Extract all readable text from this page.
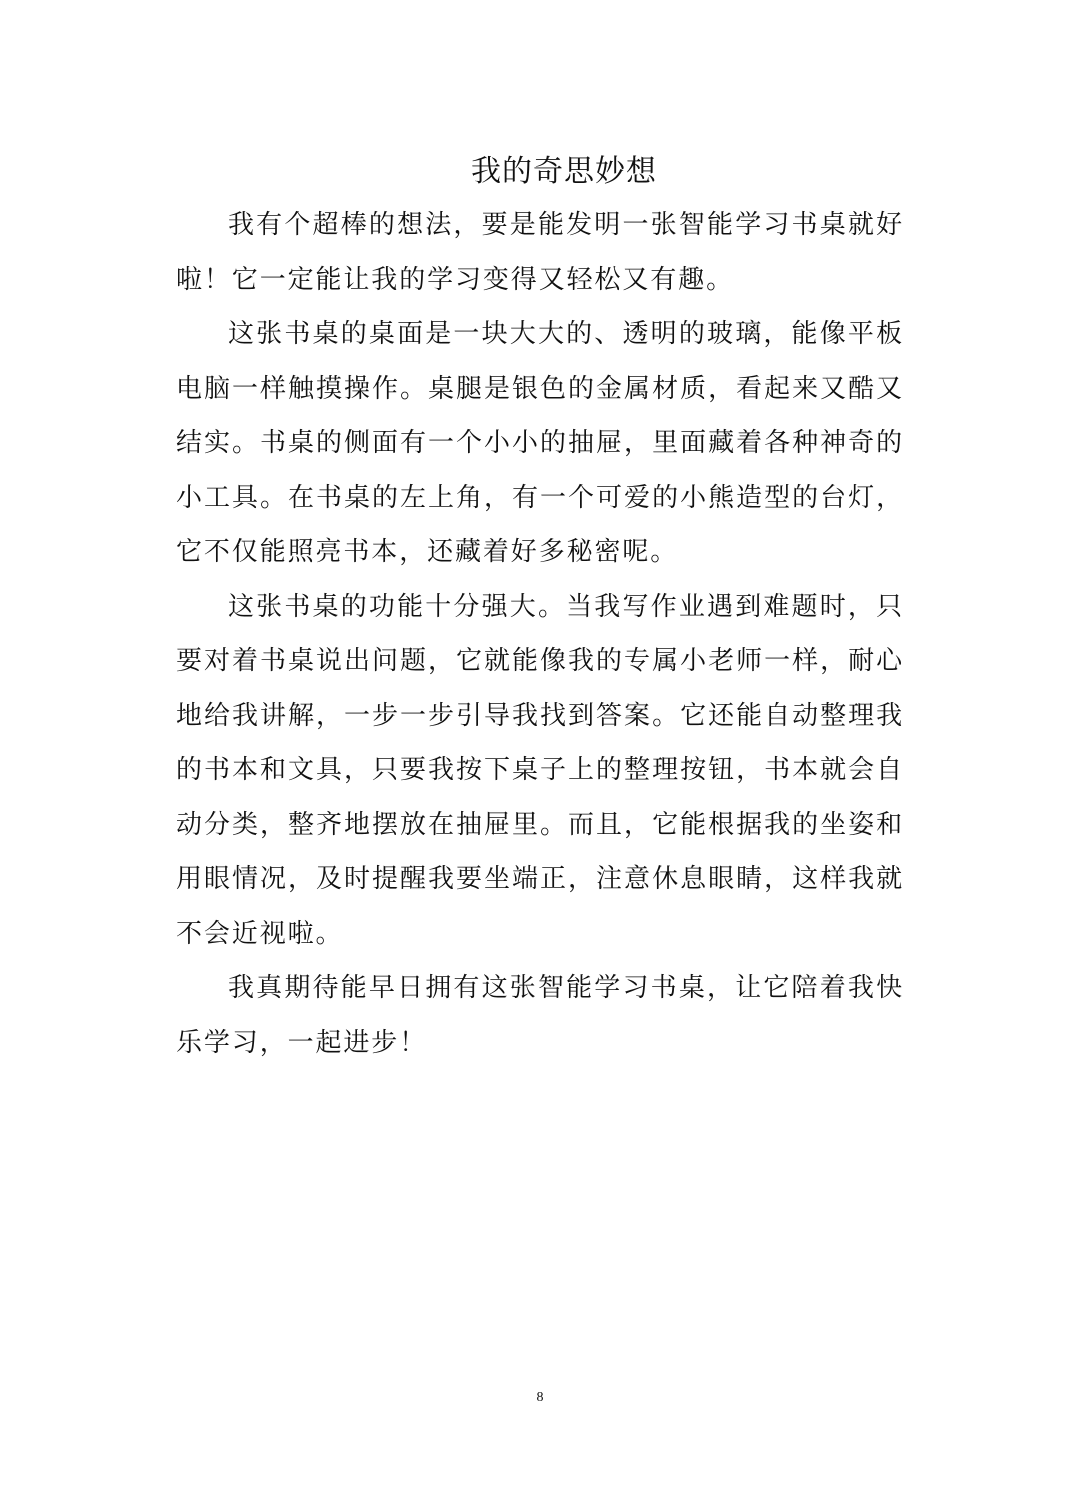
我的奇思妙想

我有个超棒的想法，要是能发明一张智能学习书桌就好啦！它一定能让我的学习变得又轻松又有趣。

这张书桌的桌面是一块大大的、透明的玻璃，能像平板电脑一样触摸操作。桌腿是银色的金属材质，看起来又酷又结实。书桌的侧面有一个小小的抽屉，里面藏着各种神奇的小工具。在书桌的左上角，有一个可爱的小熊造型的台灯，它不仅能照亮书本，还藏着好多秘密呢。

这张书桌的功能十分强大。当我写作业遇到难题时，只要对着书桌说出问题，它就能像我的专属小老师一样，耐心地给我讲解，一步一步引导我找到答案。它还能自动整理我的书本和文具，只要我按下桌子上的整理按钮，书本就会自动分类，整齐地摆放在抽屉里。而且，它能根据我的坐姿和用眼情况，及时提醒我要坐端正，注意休息眼睛，这样我就不会近视啦。

我真期待能早日拥有这张智能学习书桌，让它陪着我快乐学习，一起进步！

8
